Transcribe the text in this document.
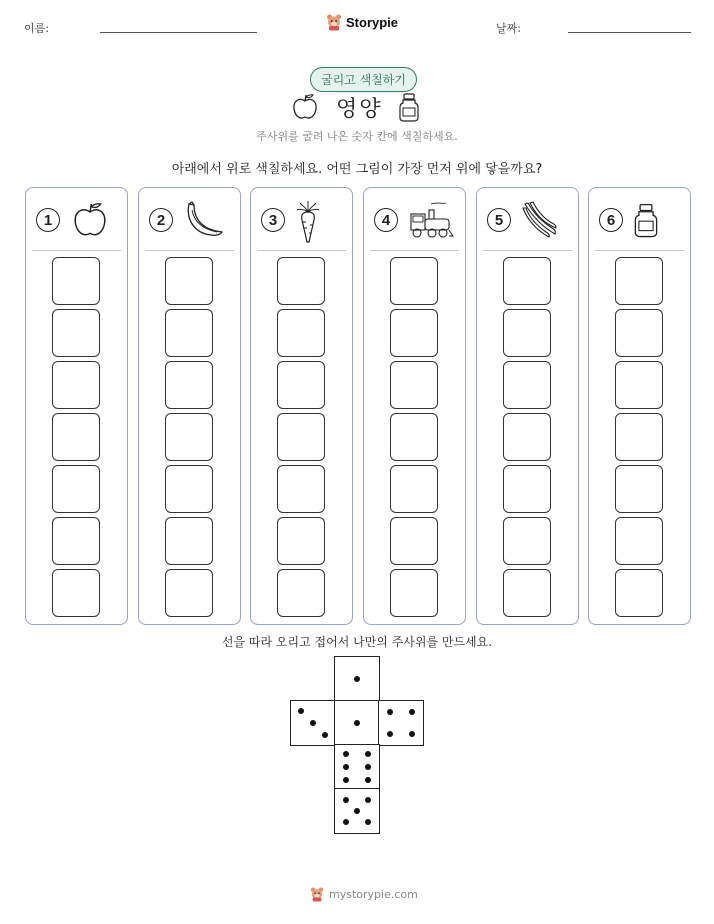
이름:	Storypie	날짜:
굴리고 색칠하기
영양
주사위를 굴려 나온 숫자 칸에 색칠하세요.
아래에서 위로 색칠하세요. 어떤 그림이 가장 먼저 위에 닿을까요?
1	2	3	4	5	6
선을 따라 오리고 접어서 나만의 주사위를 만드세요.
mystorypie.com
